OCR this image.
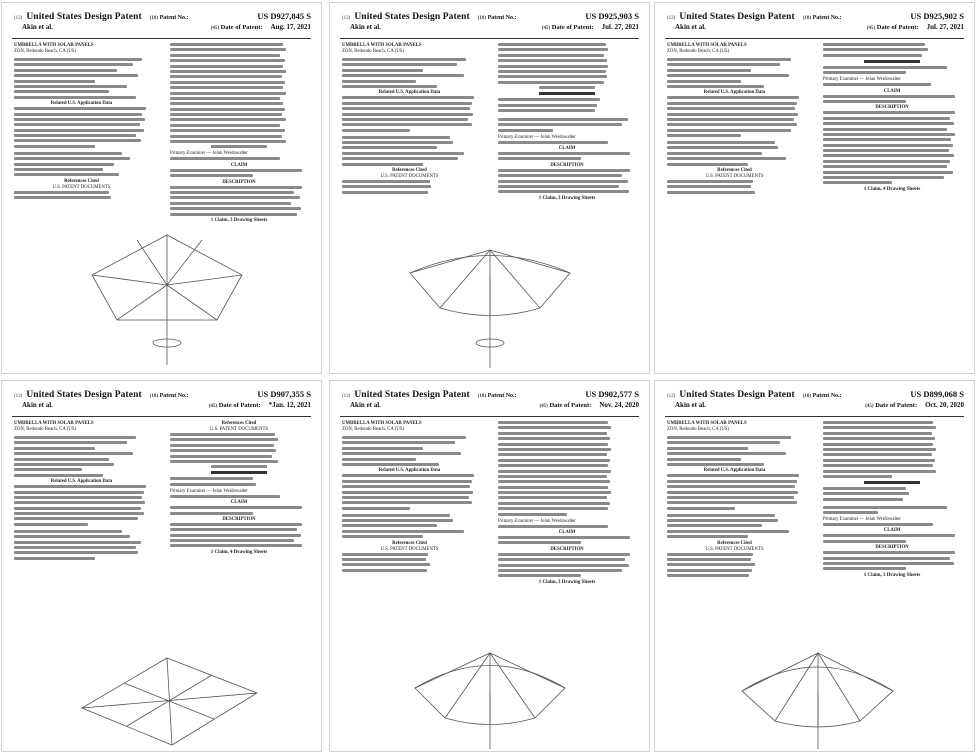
(12) United States Design Patent (10) Patent No.:	US D927,845 S
Akin et al.	(45) Date of Patent: Aug. 17, 2021
UMBRELLA WITH SOLAR PANELS
ZON, Redondo Beach, CA (US)
Related U.S. Application Data
References Cited
U.S. PATENT DOCUMENTS
Primary Examiner — Jelan Weidowalter
CLAIM
DESCRIPTION
1 Claim, 3 Drawing Sheets
(12) United States Design Patent (10) Patent No.:	US D925,903 S
Akin et al.	(45) Date of Patent: Jul. 27, 2021
UMBRELLA WITH SOLAR PANELS
ZON, Redondo Beach, CA (US)
Related U.S. Application Data
References Cited
U.S. PATENT DOCUMENTS
Primary Examiner — Jelan Weidowalter
CLAIM
DESCRIPTION
1 Claim, 3 Drawing Sheets
(12) United States Design Patent (10) Patent No.:	US D925,902 S
Akin et al.	(45) Date of Patent: Jul. 27, 2021
UMBRELLA WITH SOLAR PANELS
ZON, Redondo Beach, CA (US)
Related U.S. Application Data
References Cited
U.S. PATENT DOCUMENTS
Primary Examiner — Jelan Weidowalter
CLAIM
DESCRIPTION
1 Claim, 4 Drawing Sheets
(12) United States Design Patent (10) Patent No.:	US D907,355 S
Akin et al.	(45) Date of Patent: *Jan. 12, 2021
UMBRELLA WITH SOLAR PANELS
ZON, Redondo Beach, CA (US)
Related U.S. Application Data
References Cited
U.S. PATENT DOCUMENTS
Primary Examiner — Jelan Weidowalter
CLAIM
DESCRIPTION
1 Claim, 4 Drawing Sheets
(12) United States Design Patent (10) Patent No.:	US D902,577 S
Akin et al.	(45) Date of Patent: Nov. 24, 2020
UMBRELLA WITH SOLAR PANELS
ZON, Redondo Beach, CA (US)
Related U.S. Application Data
References Cited
U.S. PATENT DOCUMENTS
Primary Examiner — Jelan Weidowalter
CLAIM
DESCRIPTION
1 Claim, 3 Drawing Sheets
(12) United States Design Patent (10) Patent No.:	US D899,068 S
Akin et al.	(45) Date of Patent: Oct. 20, 2020
UMBRELLA WITH SOLAR PANELS
ZON, Redondo Beach, CA (US)
Related U.S. Application Data
References Cited
U.S. PATENT DOCUMENTS
Primary Examiner — Jelan Weidowalter
CLAIM
DESCRIPTION
1 Claim, 3 Drawing Sheets
